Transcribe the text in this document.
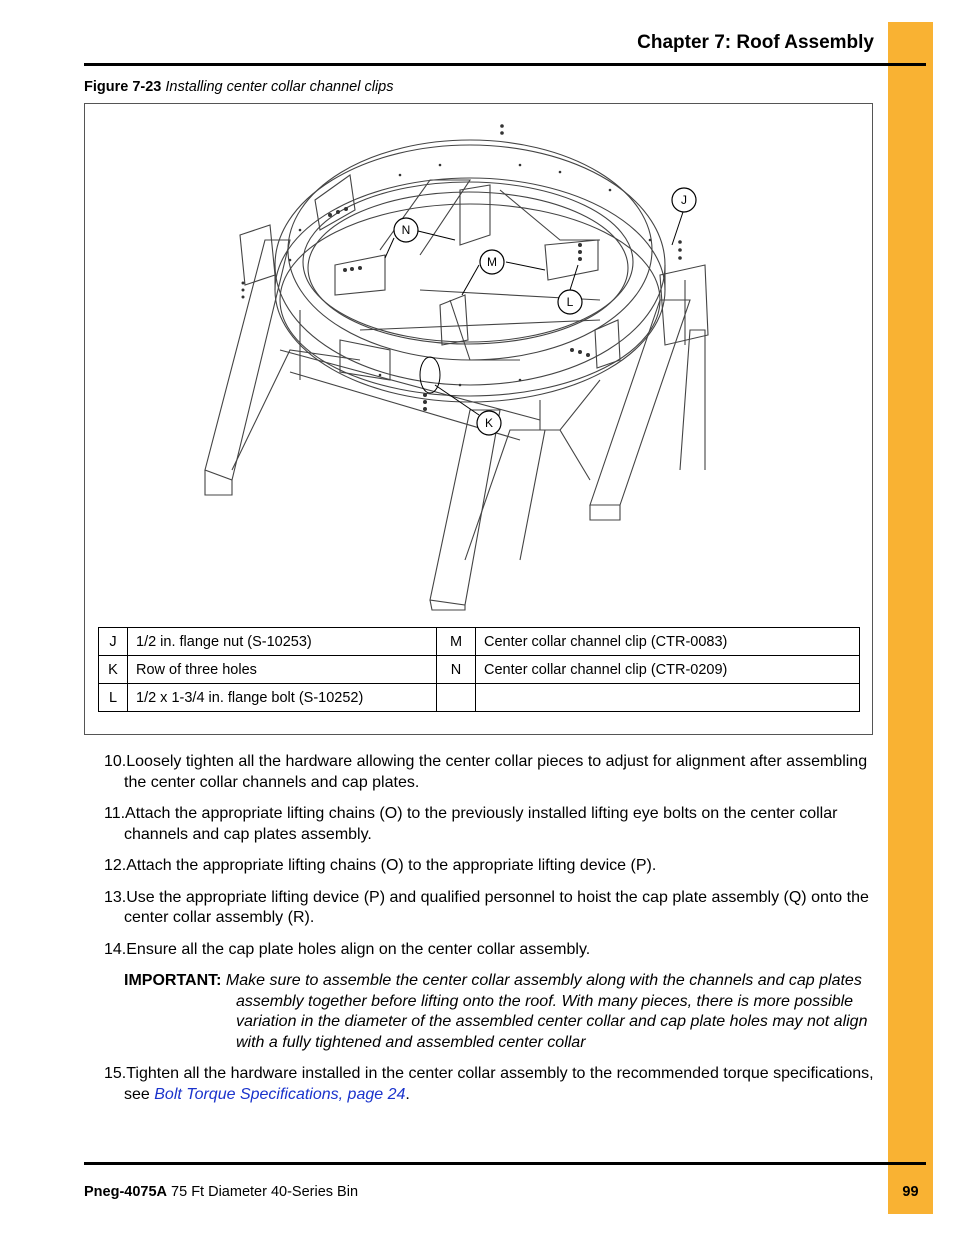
Chapter 7: Roof Assembly
Figure 7-23 Installing center collar channel clips
J
K
L
M
N
J	1/2 in. flange nut (S-10253)	M	Center collar channel clip (CTR-0083)
K	Row of three holes	N	Center collar channel clip (CTR-0209)
L	1/2 x 1-3/4 in. flange bolt (S-10252)		

10.Loosely tighten all the hardware allowing the center collar pieces to adjust for alignment after assembling the center collar channels and cap plates.

11.Attach the appropriate lifting chains (O) to the previously installed lifting eye bolts on the center collar channels and cap plates assembly.

12.Attach the appropriate lifting chains (O) to the appropriate lifting device (P).

13.Use the appropriate lifting device (P) and qualified personnel to hoist the cap plate assembly (Q) onto the center collar assembly (R).

14.Ensure all the cap plate holes align on the center collar assembly.

IMPORTANT: Make sure to assemble the center collar assembly along with the channels and cap plates assembly together before lifting onto the roof. With many pieces, there is more possible variation in the diameter of the assembled center collar and cap plate holes may not align with a fully tightened and assembled center collar

15.Tighten all the hardware installed in the center collar assembly to the recommended torque specifications, see Bolt Torque Specifications, page 24.

Pneg-4075A 75 Ft Diameter 40-Series Bin	99
